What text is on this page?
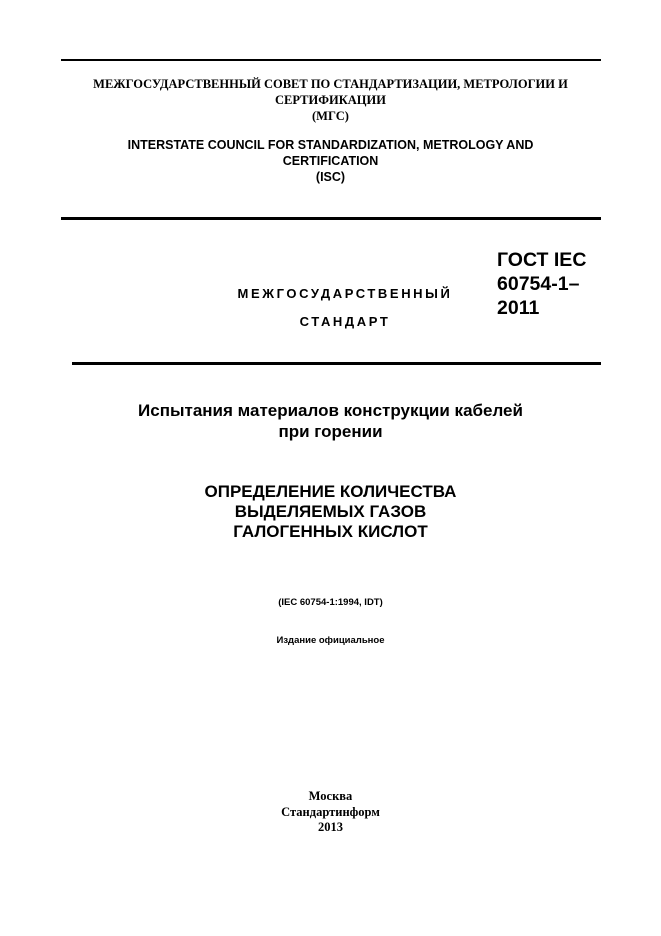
МЕЖГОСУДАРСТВЕННЫЙ СОВЕТ ПО СТАНДАРТИЗАЦИИ, МЕТРОЛОГИИ И
СЕРТИФИКАЦИИ
(МГС)
INTERSTATE COUNCIL FOR STANDARDIZATION, METROLOGY AND
CERTIFICATION
(ISC)
МЕЖГОСУДАРСТВЕННЫЙ
СТАНДАРТ
ГОСТ IEC
60754-1–
2011
Испытания материалов конструкции кабелей
при горении
ОПРЕДЕЛЕНИЕ КОЛИЧЕСТВА
ВЫДЕЛЯЕМЫХ ГАЗОВ
ГАЛОГЕННЫХ КИСЛОТ
(IEC 60754-1:1994, IDT)
Издание официальное
Москва
Стандартинформ
2013
